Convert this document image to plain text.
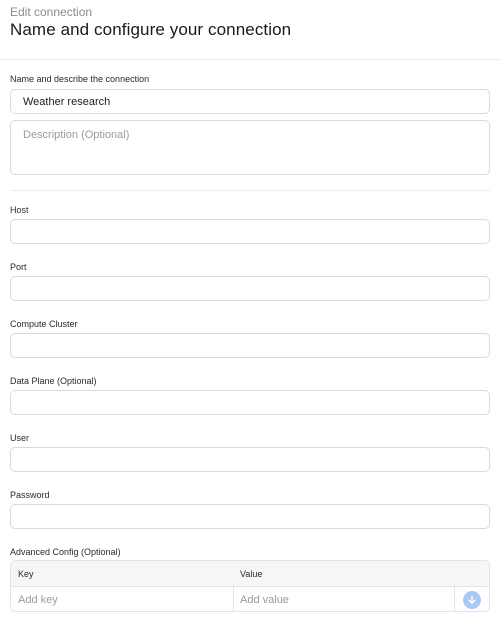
Edit connection
Name and configure your connection
Name and describe the connection
Weather research
Description (Optional)
Host
Port
Compute Cluster
Data Plane (Optional)
User
Password
Advanced Config (Optional)
Key	Value
Add key
Add value
